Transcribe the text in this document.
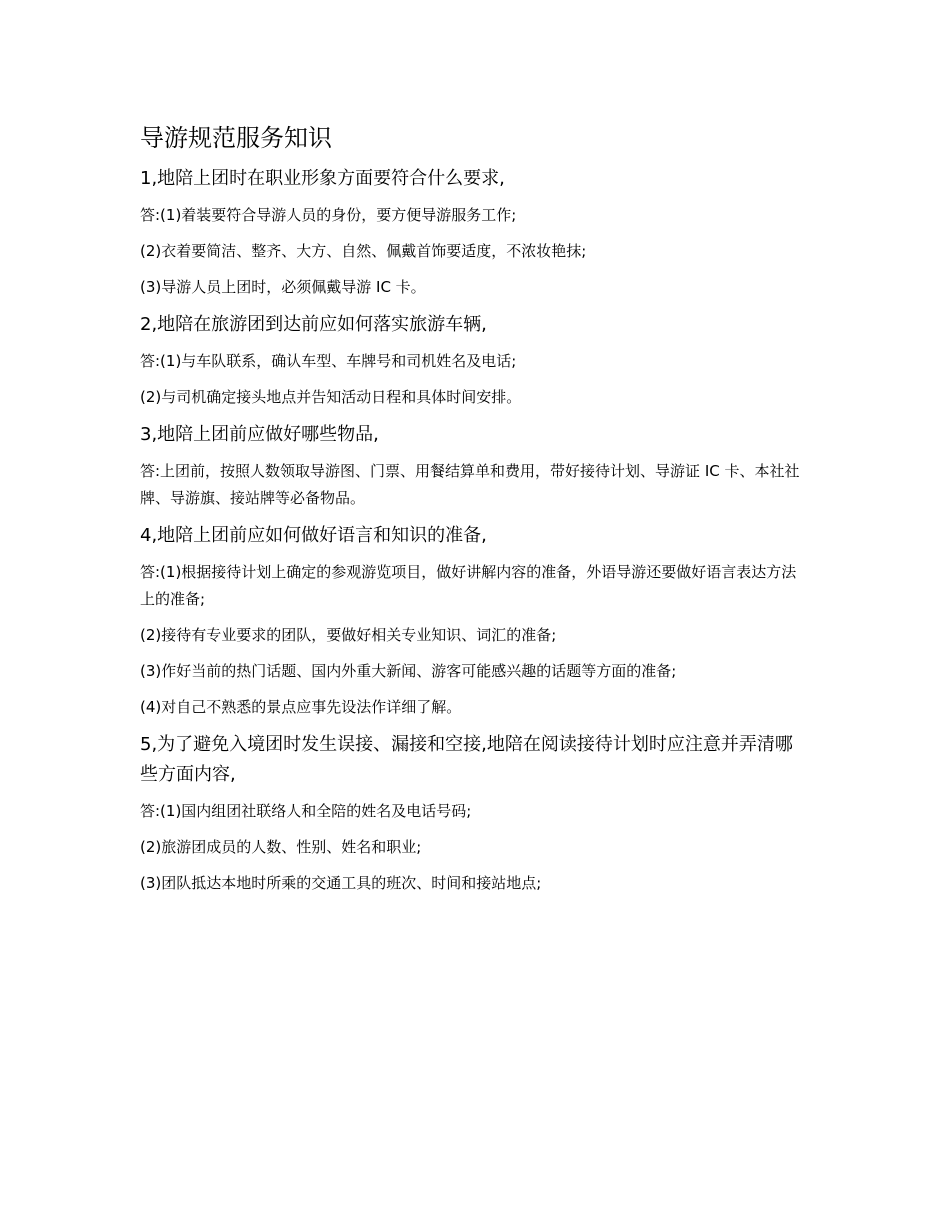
导游规范服务知识
1,地陪上团时在职业形象方面要符合什么要求,

答:(1)着装要符合导游人员的身份，要方便导游服务工作;

(2)衣着要简洁、整齐、大方、自然、佩戴首饰要适度，不浓妆艳抹;

(3)导游人员上团时，必须佩戴导游 IC 卡。

2,地陪在旅游团到达前应如何落实旅游车辆,

答:(1)与车队联系，确认车型、车牌号和司机姓名及电话;

(2)与司机确定接头地点并告知活动日程和具体时间安排。

3,地陪上团前应做好哪些物品,

答:上团前，按照人数领取导游图、门票、用餐结算单和费用，带好接待计划、导游证 IC 卡、本社社牌、导游旗、接站牌等必备物品。

4,地陪上团前应如何做好语言和知识的准备,

答:(1)根据接待计划上确定的参观游览项目，做好讲解内容的准备，外语导游还要做好语言表达方法上的准备;

(2)接待有专业要求的团队，要做好相关专业知识、词汇的准备;

(3)作好当前的热门话题、国内外重大新闻、游客可能感兴趣的话题等方面的准备;

(4)对自己不熟悉的景点应事先设法作详细了解。

5,为了避免入境团时发生误接、漏接和空接,地陪在阅读接待计划时应注意并弄清哪些方面内容,

答:(1)国内组团社联络人和全陪的姓名及电话号码;

(2)旅游团成员的人数、性别、姓名和职业;

(3)团队抵达本地时所乘的交通工具的班次、时间和接站地点;
